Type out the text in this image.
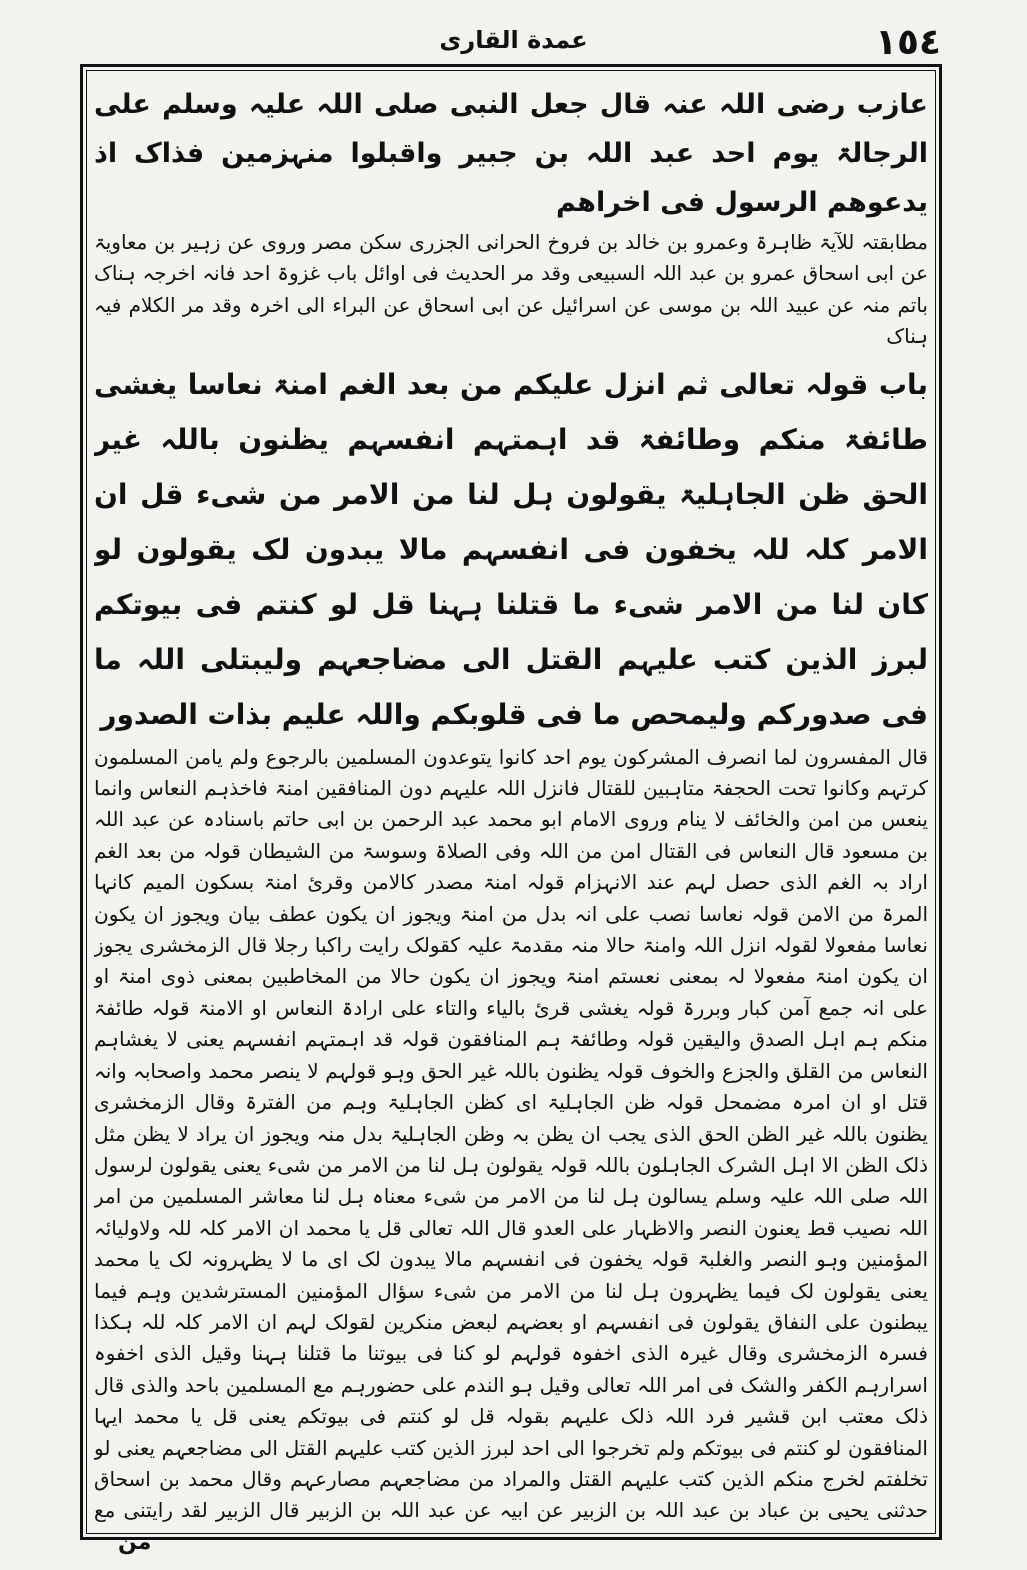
١٥٤
عمدة القارى

عازب رضی اللہ عنہ قال جعل النبی صلی اللہ علیہ وسلم علی الرجالۃ یوم احد عبد اللہ بن جبیر واقبلوا منہزمین فذاک اذ یدعوھم الرسول فی اخراھم

مطابقتہ للآیۃ ظاہرۃ وعمرو بن خالد بن فروخ الحرانی الجزری سکن مصر وروی عن زہیر بن معاویۃ عن ابی اسحاق عمرو بن عبد اللہ السبیعی وقد مر الحدیث فی اوائل باب غزوۃ احد فانہ اخرجہ ہناک باتم منہ عن عبید اللہ بن موسی عن اسرائیل عن ابی اسحاق عن البراء الی اخرہ وقد مر الکلام فیہ ہناک

باب قولہ تعالی ثم انزل علیکم من بعد الغم امنۃ نعاسا یغشی طائفۃ منکم وطائفۃ قد اہمتہم انفسہم یظنون باللہ غیر الحق ظن الجاہلیۃ یقولون ہل لنا من الامر من شیء قل ان الامر کلہ للہ یخفون فی انفسہم مالا یبدون لک یقولون لو کان لنا من الامر شیء ما قتلنا ہہنا قل لو کنتم فی بیوتکم لبرز الذین کتب علیہم القتل الی مضاجعہم ولیبتلی اللہ ما فی صدورکم ولیمحص ما فی قلوبکم واللہ علیم بذات الصدور

قال المفسرون لما انصرف المشرکون یوم احد کانوا یتوعدون المسلمین بالرجوع ولم یامن المسلمون کرتہم وکانوا تحت الحجفۃ متاہبین للقتال فانزل اللہ علیہم دون المنافقین امنۃ فاخذہم النعاس وانما ینعس من امن والخائف لا ینام وروی الامام ابو محمد عبد الرحمن بن ابی حاتم باسنادہ عن عبد اللہ بن مسعود قال النعاس فی القتال امن من اللہ وفی الصلاۃ وسوسۃ من الشیطان قولہ من بعد الغم اراد بہ الغم الذی حصل لہم عند الانہزام قولہ امنۃ مصدر کالامن وقرئ امنۃ بسکون المیم کانہا المرۃ من الامن قولہ نعاسا نصب علی انہ بدل من امنۃ ویجوز ان یکون عطف بیان ویجوز ان یکون نعاسا مفعولا لقولہ انزل اللہ وامنۃ حالا منہ مقدمۃ علیہ کقولک رایت راکبا رجلا قال الزمخشری یجوز ان یکون امنۃ مفعولا لہ بمعنی نعستم امنۃ ویجوز ان یکون حالا من المخاطبین بمعنی ذوی امنۃ او علی انہ جمع آمن کبار وبررۃ قولہ یغشی قرئ بالیاء والتاء علی ارادۃ النعاس او الامنۃ قولہ طائفۃ منکم ہم اہل الصدق والیقین قولہ وطائفۃ ہم المنافقون قولہ قد اہمتہم انفسہم یعنی لا یغشاہم النعاس من القلق والجزع والخوف قولہ یظنون باللہ غیر الحق وہو قولہم لا ینصر محمد واصحابہ وانہ قتل او ان امرہ مضمحل قولہ ظن الجاہلیۃ ای کظن الجاہلیۃ وہم من الفترۃ وقال الزمخشری یظنون باللہ غیر الظن الحق الذی یجب ان یظن بہ وظن الجاہلیۃ بدل منہ ویجوز ان یراد لا یظن مثل ذلک الظن الا اہل الشرک الجاہلون باللہ قولہ یقولون ہل لنا من الامر من شیء یعنی یقولون لرسول اللہ صلی اللہ علیہ وسلم یسالون ہل لنا من الامر من شیء معناہ ہل لنا معاشر المسلمین من امر اللہ نصیب قط یعنون النصر والاظہار علی العدو قال اللہ تعالی قل یا محمد ان الامر کلہ للہ ولاولیائہ المؤمنین وہو النصر والغلبۃ قولہ یخفون فی انفسہم مالا یبدون لک ای ما لا یظہرونہ لک یا محمد یعنی یقولون لک فیما یظہرون ہل لنا من الامر من شیء سؤال المؤمنین المسترشدین وہم فیما یبطنون علی النفاق یقولون فی انفسہم او بعضہم لبعض منکرین لقولک لہم ان الامر کلہ للہ ہکذا فسرہ الزمخشری وقال غیرہ الذی اخفوہ قولہم لو کنا فی بیوتنا ما قتلنا ہہنا وقیل الذی اخفوہ اسرارہم الکفر والشک فی امر اللہ تعالی وقیل ہو الندم علی حضورہم مع المسلمین باحد والذی قال ذلک معتب ابن قشیر فرد اللہ ذلک علیہم بقولہ قل لو کنتم فی بیوتکم یعنی قل یا محمد ایہا المنافقون لو کنتم فی بیوتکم ولم تخرجوا الی احد لبرز الذین کتب علیہم القتل الی مضاجعہم یعنی لو تخلفتم لخرج منکم الذین کتب علیہم القتل والمراد من مضاجعہم مصارعہم وقال محمد بن اسحاق حدثنی یحیی بن عباد بن عبد اللہ بن الزبیر عن ابیہ عن عبد اللہ بن الزبیر قال الزبیر لقد رایتنی مع

من
